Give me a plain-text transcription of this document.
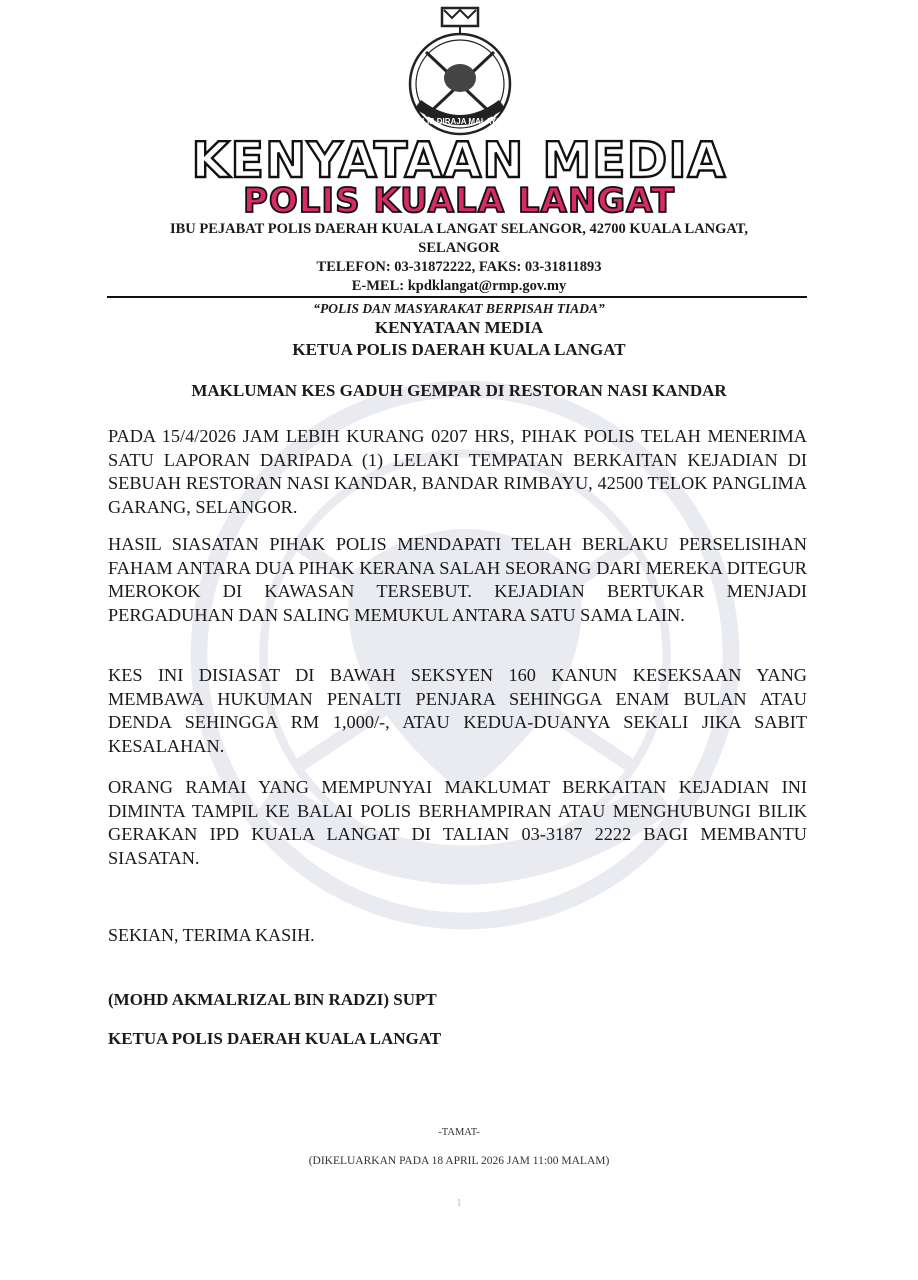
POLIS DIRAJA MALAYSIA
KENYATAAN MEDIA
POLIS KUALA LANGAT
IBU PEJABAT POLIS DAERAH KUALA LANGAT SELANGOR, 42700 KUALA LANGAT,
SELANGOR
TELEFON: 03-31872222, FAKS: 03-31811893
E-MEL: kpdklangat@rmp.gov.my
“POLIS DAN MASYARAKAT BERPISAH TIADA”
KENYATAAN MEDIA
KETUA POLIS DAERAH KUALA LANGAT
MAKLUMAN KES GADUH GEMPAR DI RESTORAN NASI KANDAR

PADA 15/4/2026 JAM LEBIH KURANG 0207 HRS, PIHAK POLIS TELAH MENERIMA SATU LAPORAN DARIPADA (1) LELAKI TEMPATAN BERKAITAN KEJADIAN DI SEBUAH RESTORAN NASI KANDAR, BANDAR RIMBAYU, 42500 TELOK PANGLIMA GARANG, SELANGOR.

HASIL SIASATAN PIHAK POLIS MENDAPATI TELAH BERLAKU PERSELISIHAN FAHAM ANTARA DUA PIHAK KERANA SALAH SEORANG DARI MEREKA DITEGUR MEROKOK DI KAWASAN TERSEBUT. KEJADIAN BERTUKAR MENJADI PERGADUHAN DAN SALING MEMUKUL ANTARA SATU SAMA LAIN.

KES INI DISIASAT DI BAWAH SEKSYEN 160 KANUN KESEKSAAN YANG MEMBAWA HUKUMAN PENALTI PENJARA SEHINGGA ENAM BULAN ATAU DENDA SEHINGGA RM 1,000/-, ATAU KEDUA-DUANYA SEKALI JIKA SABIT KESALAHAN.

ORANG RAMAI YANG MEMPUNYAI MAKLUMAT BERKAITAN KEJADIAN INI DIMINTA TAMPIL KE BALAI POLIS BERHAMPIRAN ATAU MENGHUBUNGI BILIK GERAKAN IPD KUALA LANGAT DI TALIAN 03-3187 2222 BAGI MEMBANTU SIASATAN.

SEKIAN, TERIMA KASIH.
(MOHD AKMALRIZAL BIN RADZI) SUPT
KETUA POLIS DAERAH KUALA LANGAT
-TAMAT-
(DIKELUARKAN PADA 18 APRIL 2026 JAM 11:00 MALAM)
1
